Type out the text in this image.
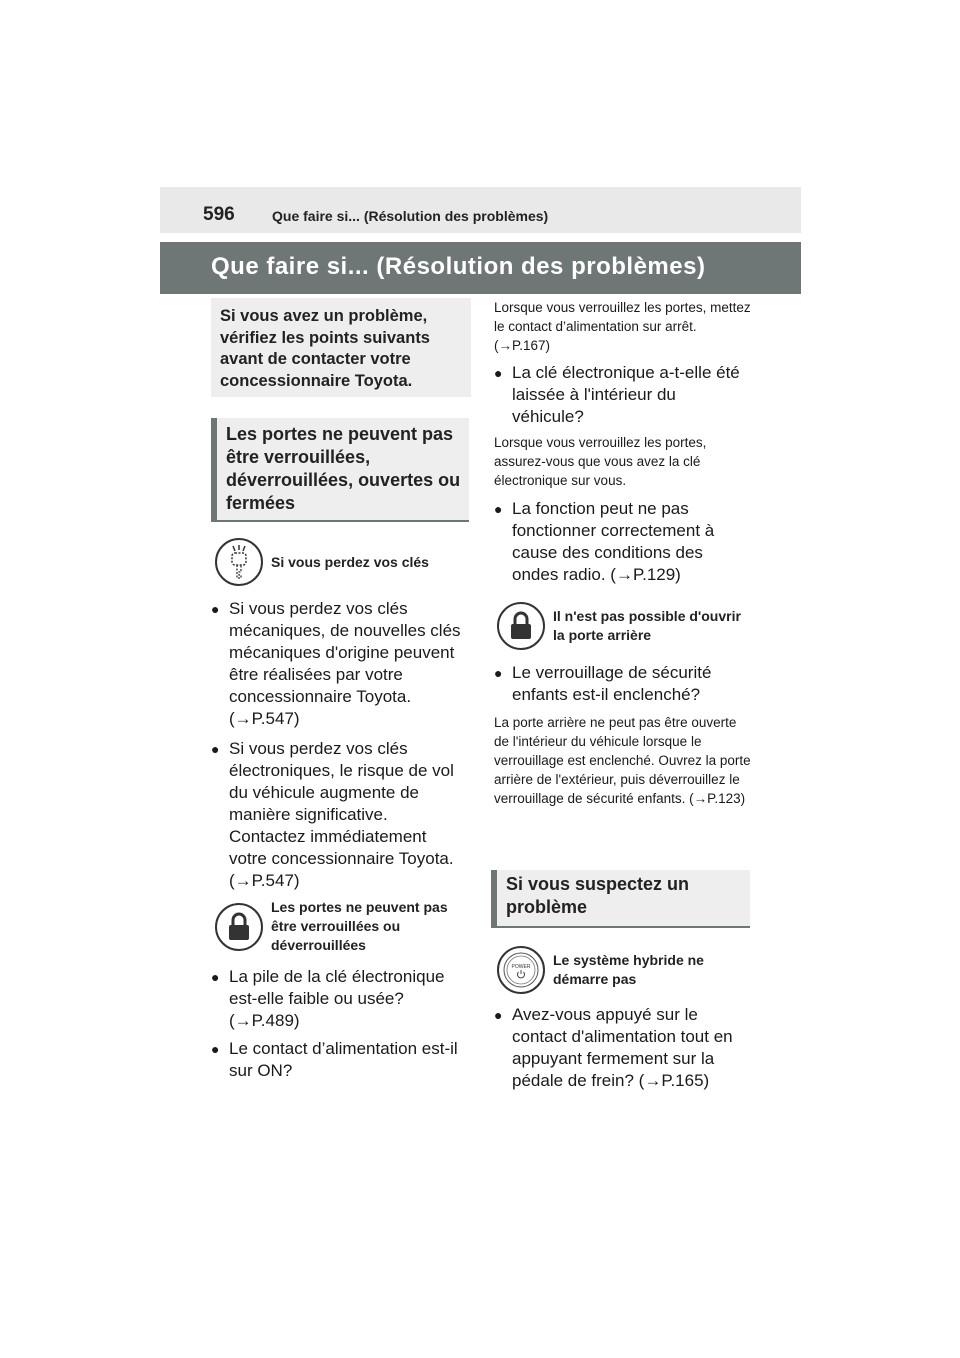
596	Que faire si... (Résolution des problèmes)
Que faire si... (Résolution des problèmes)
Si vous avez un problème, vérifiez les points suivants avant de contacter votre concessionnaire Toyota.
Les portes ne peuvent pas être verrouillées, déverrouillées, ouvertes ou fermées
Si vous perdez vos clés
● Si vous perdez vos clés mécaniques, de nouvelles clés mécaniques d'origine peuvent être réalisées par votre concessionnaire Toyota. (→P.547)
● Si vous perdez vos clés électroniques, le risque de vol du véhicule augmente de manière significative. Contactez immédiatement votre concessionnaire Toyota. (→P.547)
Les portes ne peuvent pas être verrouillées ou déverrouillées
● La pile de la clé électronique est-elle faible ou usée? (→P.489)
● Le contact d’alimentation est-il sur ON?
Lorsque vous verrouillez les portes, mettez le contact d’alimentation sur arrêt. (→P.167)
● La clé électronique a-t-elle été laissée à l'intérieur du véhicule?
Lorsque vous verrouillez les portes, assurez-vous que vous avez la clé électronique sur vous.
● La fonction peut ne pas fonctionner correctement à cause des conditions des ondes radio. (→P.129)
Il n'est pas possible d'ouvrir la porte arrière
● Le verrouillage de sécurité enfants est-il enclenché?
La porte arrière ne peut pas être ouverte de l'intérieur du véhicule lorsque le verrouillage est enclenché. Ouvrez la porte arrière de l'extérieur, puis déverrouillez le verrouillage de sécurité enfants. (→P.123)
Si vous suspectez un problème
POWER Le système hybride ne démarre pas
● Avez-vous appuyé sur le contact d'alimentation tout en appuyant fermement sur la pédale de frein? (→P.165)
